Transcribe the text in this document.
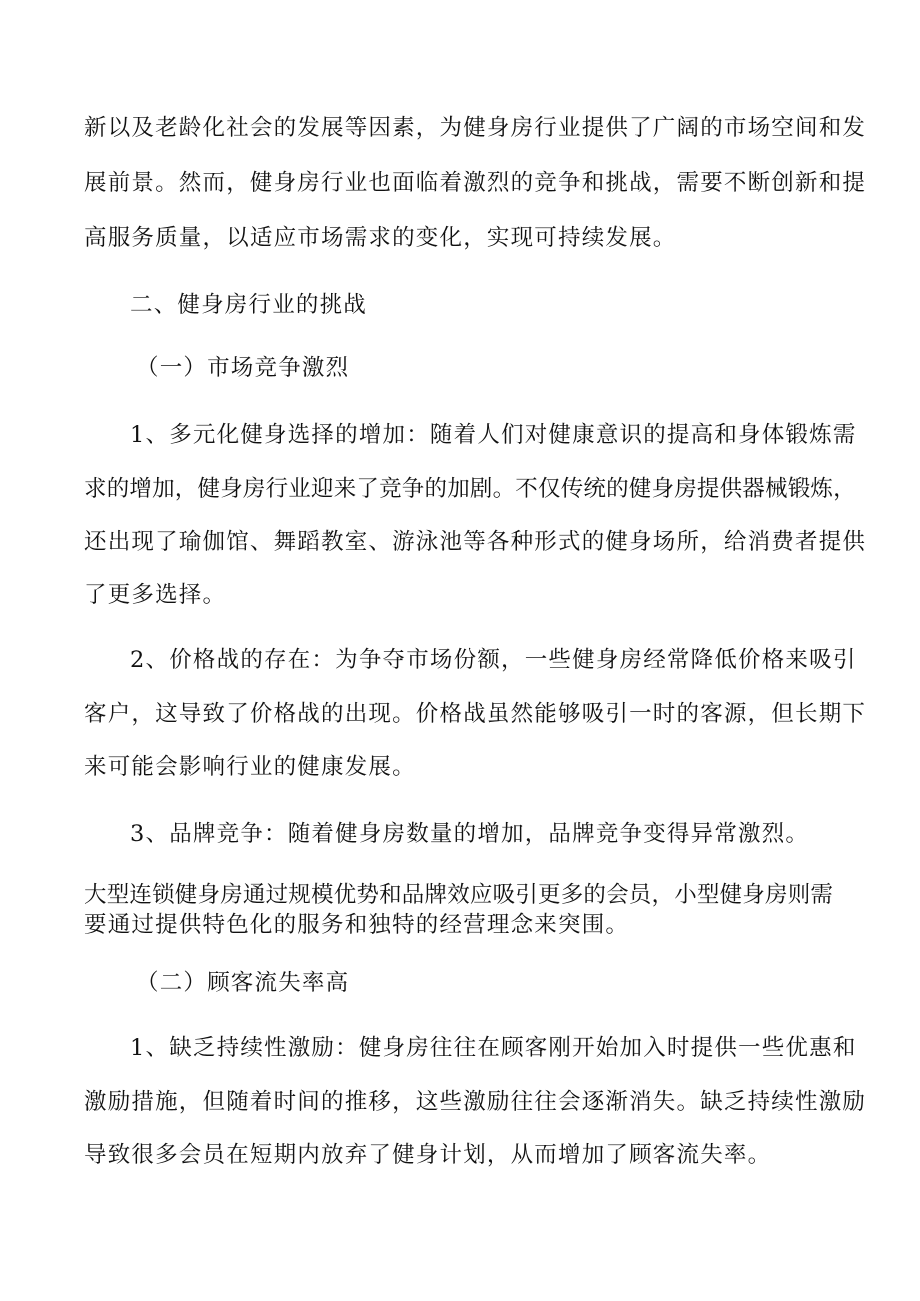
新以及老龄化社会的发展等因素，为健身房行业提供了广阔的市场空间和发
展前景。然而，健身房行业也面临着激烈的竞争和挑战，需要不断创新和提
高服务质量，以适应市场需求的变化，实现可持续发展。
二、健身房行业的挑战
（一）市场竞争激烈
1、多元化健身选择的增加：随着人们对健康意识的提高和身体锻炼需
求的增加，健身房行业迎来了竞争的加剧。不仅传统的健身房提供器械锻炼，
还出现了瑜伽馆、舞蹈教室、游泳池等各种形式的健身场所，给消费者提供
了更多选择。
2、价格战的存在：为争夺市场份额，一些健身房经常降低价格来吸引
客户，这导致了价格战的出现。价格战虽然能够吸引一时的客源，但长期下
来可能会影响行业的健康发展。
3、品牌竞争：随着健身房数量的增加，品牌竞争变得异常激烈。
大型连锁健身房通过规模优势和品牌效应吸引更多的会员，小型健身房则需
要通过提供特色化的服务和独特的经营理念来突围。
（二）顾客流失率高
1、缺乏持续性激励：健身房往往在顾客刚开始加入时提供一些优惠和
激励措施，但随着时间的推移，这些激励往往会逐渐消失。缺乏持续性激励
导致很多会员在短期内放弃了健身计划，从而增加了顾客流失率。
